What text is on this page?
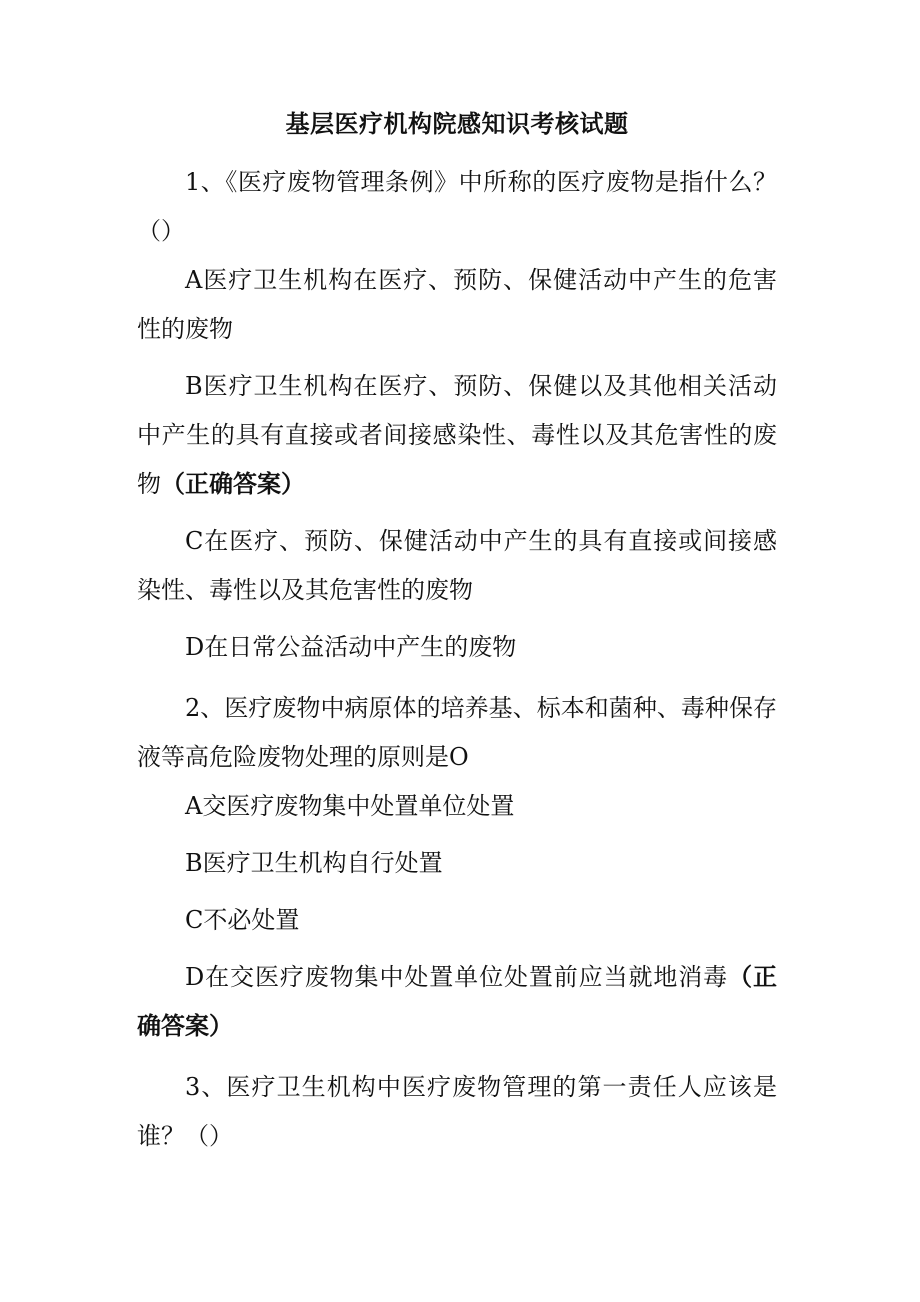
基层医疗机构院感知识考核试题

1、《医疗废物管理条例》中所称的医疗废物是指什么？（）

A医疗卫生机构在医疗、预防、保健活动中产生的危害性的废物

B医疗卫生机构在医疗、预防、保健以及其他相关活动中产生的具有直接或者间接感染性、毒性以及其危害性的废物（正确答案）

C在医疗、预防、保健活动中产生的具有直接或间接感染性、毒性以及其危害性的废物

D在日常公益活动中产生的废物

2、医疗废物中病原体的培养基、标本和菌种、毒种保存液等高危险废物处理的原则是O

A交医疗废物集中处置单位处置

B医疗卫生机构自行处置

C不必处置

D在交医疗废物集中处置单位处置前应当就地消毒（正确答案）

3、医疗卫生机构中医疗废物管理的第一责任人应该是谁？（）
